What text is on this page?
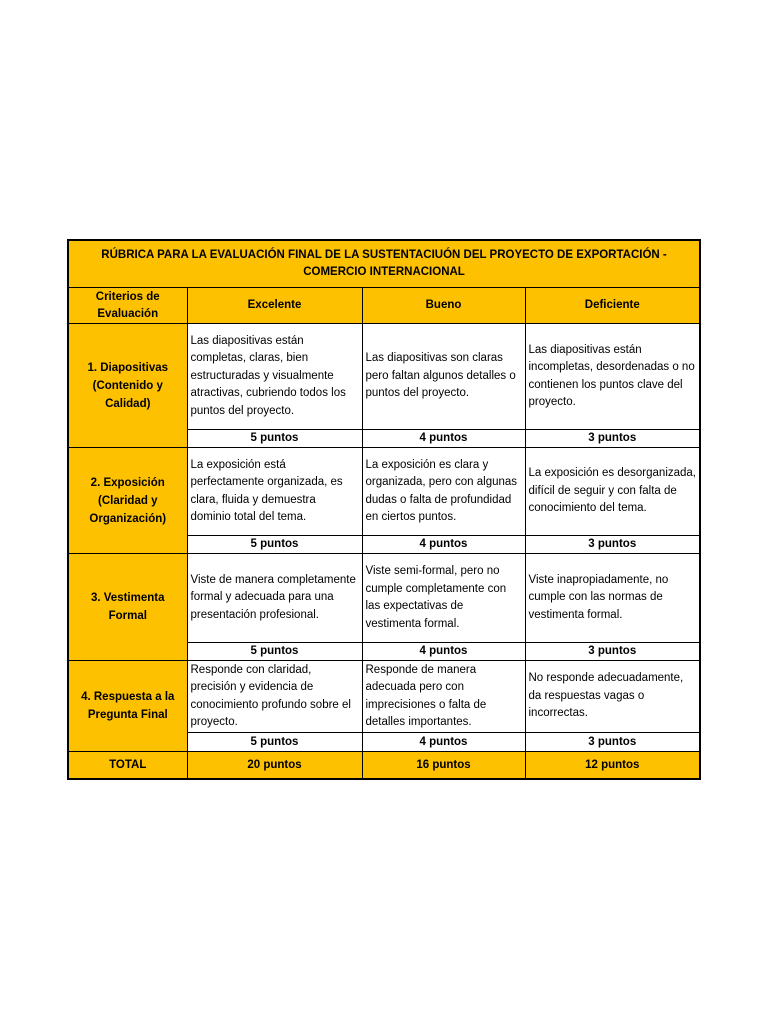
RÚBRICA PARA LA EVALUACIÓN FINAL DE LA SUSTENTACIUÓN DEL PROYECTO DE EXPORTACIÓN - COMERCIO INTERNACIONAL			
Criterios de Evaluación	Excelente	Bueno	Deficiente
1. Diapositivas (Contenido y Calidad)	Las diapositivas están completas, claras, bien estructuradas y visualmente atractivas, cubriendo todos los puntos del proyecto.	Las diapositivas son claras pero faltan algunos detalles o puntos del proyecto.	Las diapositivas están incompletas, desordenadas o no contienen los puntos clave del proyecto.
	5 puntos	4 puntos	3 puntos
2. Exposición (Claridad y Organización)	La exposición está perfectamente organizada, es clara, fluida y demuestra dominio total del tema.	La exposición es clara y organizada, pero con algunas dudas o falta de profundidad en ciertos puntos.	La exposición es desorganizada, difícil de seguir y con falta de conocimiento del tema.
	5 puntos	4 puntos	3 puntos
3. Vestimenta Formal	Viste de manera completamente formal y adecuada para una presentación profesional.	Viste semi-formal, pero no cumple completamente con las expectativas de vestimenta formal.	Viste inapropiadamente, no cumple con las normas de vestimenta formal.
	5 puntos	4 puntos	3 puntos
4. Respuesta a la Pregunta Final	Responde con claridad, precisión y evidencia de conocimiento profundo sobre el proyecto.	Responde de manera adecuada pero con imprecisiones o falta de detalles importantes.	No responde adecuadamente, da respuestas vagas o incorrectas.
	5 puntos	4 puntos	3 puntos
TOTAL	20 puntos	16 puntos	12 puntos
